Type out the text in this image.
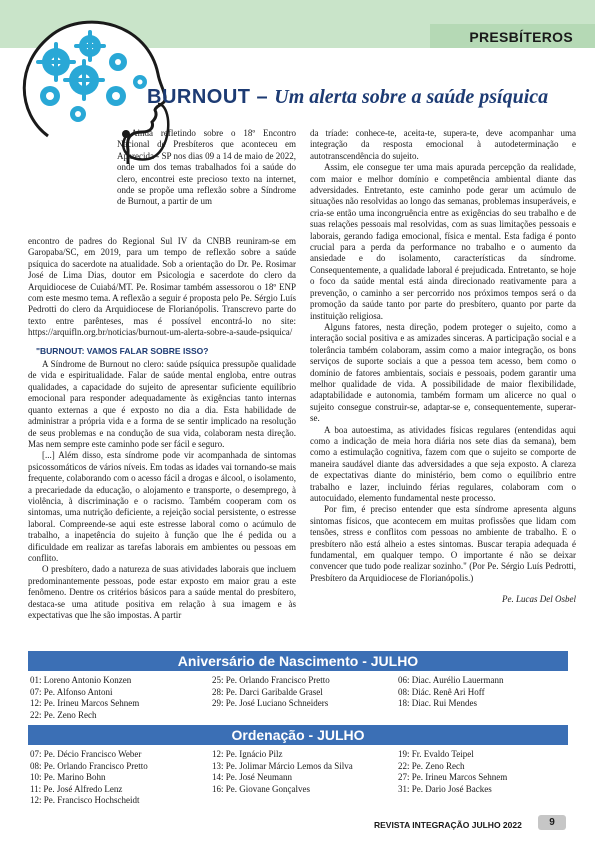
PRESBÍTEROS
BURNOUT – Um alerta sobre a saúde psíquica

Ainda refletindo sobre o 18º Encontro Nacional de Presbíteros que aconteceu em Aparecida - SP nos dias 09 a 14 de maio de 2022, onde um dos temas trabalhados foi a saúde do clero, encontrei este precioso texto na internet, onde se propõe uma reflexão sobre a Síndrome de Burnout, a partir de um

encontro de padres do Regional Sul IV da CNBB reuniram-se em Garopaba/SC, em 2019, para um tempo de reflexão sobre a saúde psíquica do sacerdote na atualidade. Sob a orientação do Dr. Pe. Rosimar José de Lima Dias, doutor em Psicologia e sacerdote do clero da Arquidiocese de Cuiabá/MT. Pe. Rosimar também assessorou o 18º ENP com este mesmo tema. A reflexão a seguir é proposta pelo Pe. Sérgio Luís Pedrotti do clero da Arquidiocese de Florianópolis. Transcrevo parte do texto entre parênteses, mas é possível encontrá-lo no site: https://arquifln.org.br/noticias/burnout-um-alerta-sobre-a-saude-psiquica/

"BURNOUT: VAMOS FALAR SOBRE ISSO?

A Síndrome de Burnout no clero: saúde psíquica pressupõe qualidade de vida e espiritualidade. Falar de saúde mental engloba, entre outras qualidades, a capacidade do sujeito de apresentar suficiente equilíbrio emocional para responder adequadamente às exigências tanto internas quanto externas a que é exposto no dia a dia. Esta habilidade de administrar a própria vida e a forma de se sentir implicado na resolução de seus problemas e na condução de sua vida, colaboram nesta direção. Mas nem sempre este caminho pode ser fácil e seguro.

[...] Além disso, esta síndrome pode vir acompanhada de sintomas psicossomáticos de vários níveis. Em todas as idades vai tornando-se mais frequente, colaborando com o acesso fácil a drogas e álcool, o isolamento, a precariedade da educação, o alojamento e transporte, o desemprego, à violência, à discriminação e o racismo. Também cooperam com os sintomas, uma nutrição deficiente, a rejeição social persistente, o estresse laboral. Compreende-se aqui este estresse laboral como o acúmulo de trabalho, a inapetência do sujeito à função que lhe é pedida ou a dificuldade em realizar as tarefas laborais em ambientes ou pessoas em conflito.

O presbítero, dado a natureza de suas atividades laborais que incluem predominantemente pessoas, pode estar exposto em maior grau a este fenômeno. Dentre os critérios básicos para a saúde mental do presbítero, destaca-se uma atitude positiva em relação à sua imagem e às expectativas que lhe são impostas. A partir

da tríade: conhece-te, aceita-te, supera-te, deve acompanhar uma integração da resposta emocional à autodeterminação e autotranscendência do sujeito.

Assim, ele consegue ter uma mais apurada percepção da realidade, com maior e melhor domínio e competência ambiental diante das adversidades. Entretanto, este caminho pode gerar um acúmulo de situações não resolvidas ao longo das semanas, problemas insuperáveis, e cria-se então uma incongruência entre as exigências do seu trabalho e de suas relações pessoais mal resolvidas, com as suas limitações pessoais e laborais, gerando fadiga emocional, física e mental. Esta fadiga é ponto crucial para a perda da performance no trabalho e o aumento da ansiedade e do isolamento, características da síndrome. Consequentemente, a qualidade laboral é prejudicada. Entretanto, se hoje o foco da saúde mental está ainda direcionado reativamente para a prevenção, o caminho a ser percorrido nos próximos tempos será o da promoção da saúde tanto por parte do presbítero, quanto por parte da instituição religiosa.

Alguns fatores, nesta direção, podem proteger o sujeito, como a interação social positiva e as amizades sinceras. A participação social e a tolerância também colaboram, assim como a maior integração, os bons serviços de suporte sociais a que a pessoa tem acesso, bem como o domínio de fatores ambientais, sociais e pessoais, podem garantir uma melhor qualidade de vida. A possibilidade de maior flexibilidade, adaptabilidade e autonomia, também formam um alicerce no qual o sujeito consegue construir-se, adaptar-se e, consequentemente, superar-se.

A boa autoestima, as atividades físicas regulares (entendidas aqui como a indicação de meia hora diária nos sete dias da semana), bem como a estimulação cognitiva, fazem com que o sujeito se comporte de maneira saudável diante das adversidades a que seja exposto. A clareza de expectativas diante do ministério, bem como o equilíbrio entre trabalho e lazer, incluindo férias regulares, colaboram com o autocuidado, elemento fundamental neste processo.

Por fim, é preciso entender que esta síndrome apresenta alguns sintomas físicos, que acontecem em muitas profissões que lidam com tensões, stress e conflitos com pessoas no ambiente de trabalho. E o presbítero não está alheio a estes sintomas. Buscar terapia adequada é fundamental, em qualquer tempo. O importante é não se deixar convencer que tudo pode realizar sozinho." (Por Pe. Sérgio Luís Pedrotti, Presbítero da Arquidiocese de Florianópolis.)

Pe. Lucas Del Osbel
Aniversário de Nascimento - JULHO
01: Loreno Antonio Konzen
07: Pe. Alfonso Antoni
12: Pe. Irineu Marcos Sehnem
22: Pe. Zeno Rech
25: Pe. Orlando Francisco Pretto
28: Pe. Darci Garibalde Grasel
29: Pe. José Luciano Schneiders
06: Diac. Aurélio Lauermann
08: Diác. Renê Ari Hoff
18: Diac. Rui Mendes
Ordenação - JULHO
07: Pe. Décio Francisco Weber
08: Pe. Orlando Francisco Pretto
10: Pe. Marino Bohn
11: Pe. José Alfredo Lenz
12: Pe. Francisco Hochscheidt
12: Pe. Ignácio Pilz
13: Pe. Jolimar Márcio Lemos da Silva
14: Pe. José Neumann
16: Pe. Giovane Gonçalves
19: Fr. Evaldo Teipel
22: Pe. Zeno Rech
27: Pe. Irineu Marcos Sehnem
31: Pe. Dario José Backes
REVISTA INTEGRAÇÃO JULHO 2022	9
